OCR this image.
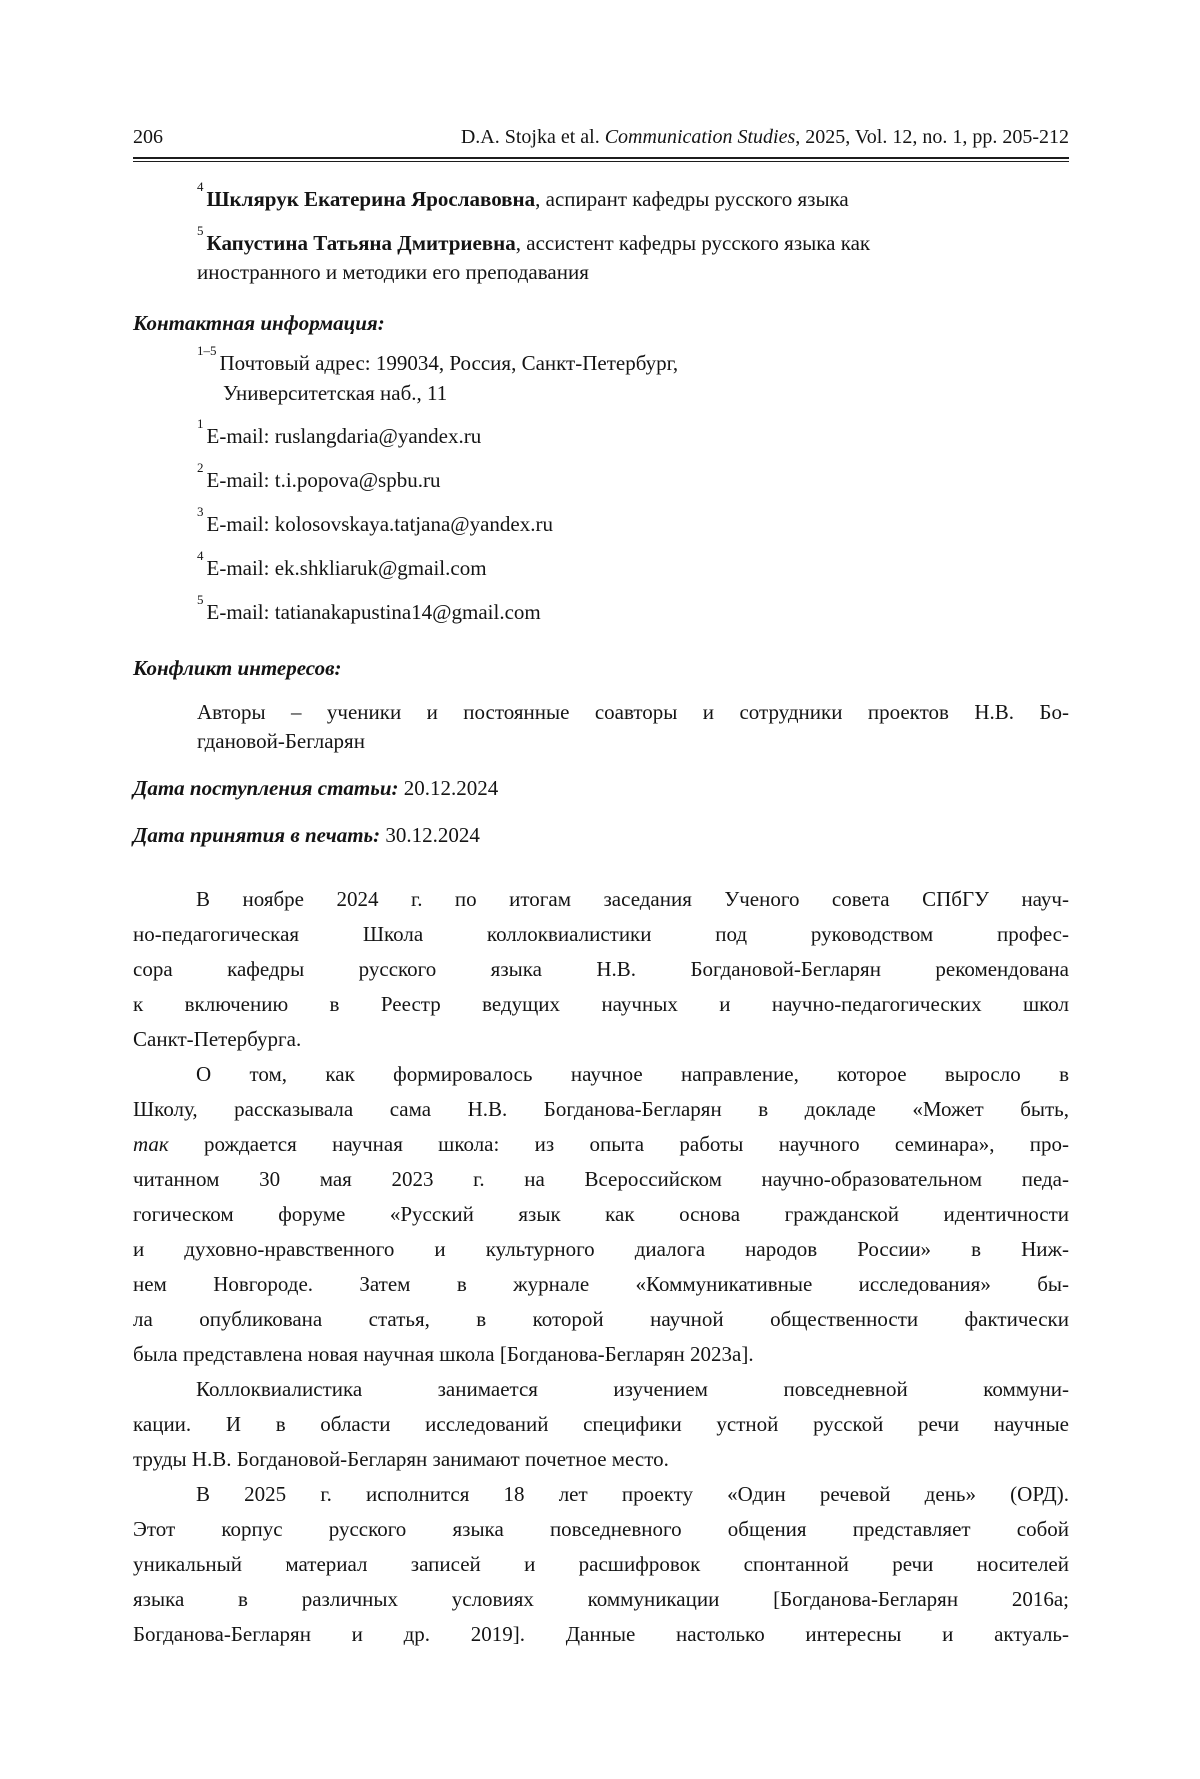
206	D.A. Stojka et al. Communication Studies, 2025, Vol. 12, no. 1, pp. 205-212
$^4$Шклярук Екатерина Ярославовна, аспирант кафедры русского языка
$^5$Капустина Татьяна Дмитриевна, ассистент кафедры русского языка как
иностранного и методики его преподавания
Контактная информация:
$^{1-5}$Почтовый адрес: 199034, Россия, Санкт-Петербург,
Университетская наб., 11
$^1$E-mail: ruslangdaria@yandex.ru
$^2$E-mail: t.i.popova@spbu.ru
$^3$E-mail: kolosovskaya.tatjana@yandex.ru
$^4$E-mail: ek.shkliaruk@gmail.com
$^5$E-mail: tatianakapustina14@gmail.com
Конфликт интересов:
Авторы – ученики и постоянные соавторы и сотрудники проектов Н.В. Бо-
гдановой-Бегларян
Дата поступления статьи: 20.12.2024
Дата принятия в печать: 30.12.2024
В ноябре 2024 г. по итогам заседания Ученого совета СПбГУ науч-
но-педагогическая Школа коллоквиалистики под руководством профес-
сора кафедры русского языка Н.В. Богдановой-Бегларян рекомендована
к включению в Реестр ведущих научных и научно-педагогических школ
Санкт-Петербурга.
О том, как формировалось научное направление, которое выросло в
Школу, рассказывала сама Н.В. Богданова-Бегларян в докладе «Может быть,
так рождается научная школа: из опыта работы научного семинара», про-
читанном 30 мая 2023 г. на Всероссийском научно-образовательном педа-
гогическом форуме «Русский язык как основа гражданской идентичности
и духовно-нравственного и культурного диалога народов России» в Ниж-
нем Новгороде. Затем в журнале «Коммуникативные исследования» бы-
ла опубликована статья, в которой научной общественности фактически
была представлена новая научная школа [Богданова-Бегларян 2023а].
Коллоквиалистика занимается изучением повседневной коммуни-
кации. И в области исследований специфики устной русской речи научные
труды Н.В. Богдановой-Бегларян занимают почетное место.
В 2025 г. исполнится 18 лет проекту «Один речевой день» (ОРД).
Этот корпус русского языка повседневного общения представляет собой
уникальный материал записей и расшифровок спонтанной речи носителей
языка в различных условиях коммуникации [Богданова-Бегларян 2016а;
Богданова-Бегларян и др. 2019]. Данные настолько интересны и актуаль-
